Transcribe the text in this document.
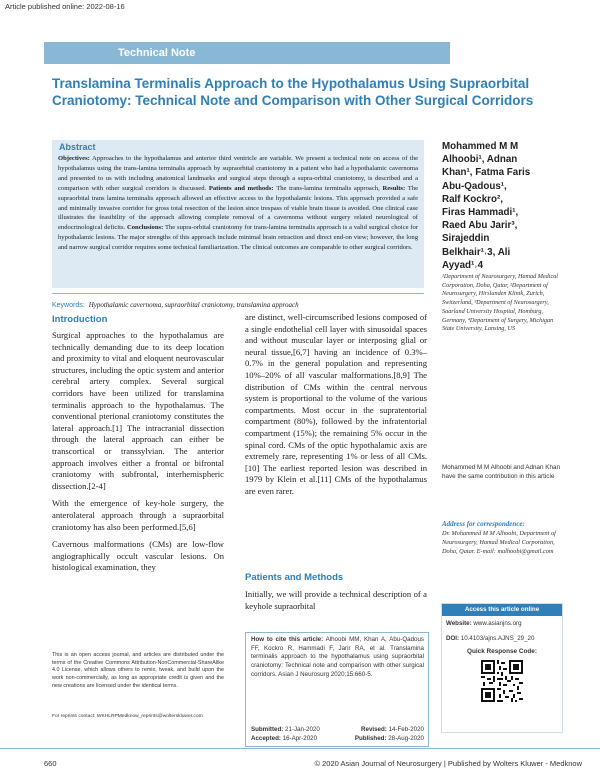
Article published online: 2022-08-16
Technical Note
Translamina Terminalis Approach to the Hypothalamus Using Supraorbital Craniotomy: Technical Note and Comparison with Other Surgical Corridors
Abstract
Objectives: Approaches to the hypothalamus and anterior third ventricle are variable. We present a technical note on access of the hypothalamus using the trans-lamina terminalis approach by supraorbital craniotomy in a patient who had a hypothalamic cavernoma and presented to us with including anatomical landmarks and surgical steps through a supra-orbital craniotomy, is described and a comparison with other surgical corridors is discussed. Patients and methods: The trans-lamina terminalis approach, Results: The supraorbital trans lamina terminalis approach allowed an effective access to the hypothalamic lesions. This approach provided a safe and minimally invasive corridor for gross total resection of the lesion since trespass of viable brain tissue is avoided. One clinical case illustrates the feasibility of the approach allowing complete removal of a cavernoma without surgery related neurological of endocrinological deficits. Conclusions: The supra-orbital craniotomy for trans-lamina terminalis approach is a valid surgical choice for hypothalamic lesions. The major strengths of this approach include minimal brain retraction and direct end-on view; however, the long and narrow surgical corridor requires some technical familiarization. The clinical outcomes are comparable to other surgical corridors.
Keywords: Hypothalamic cavernoma, supraorbital craniotomy, translamina approach
Mohammed M M
Alhoobi¹, Adnan
Khan¹, Fatma Faris
Abu-Qadous¹,
Ralf Kockro²,
Firas Hammadi¹,
Raed Abu Jarir³,
Sirajeddin
Belkhair¹˒3, Ali
Ayyad¹˒4
¹Department of Neurosurgery, Hamad Medical Corporation, Doha, Qatar, ²Department of Neurosurgery, Hirslanden Klinik, Zurich, Switzerland, ³Department of Neurosurgery, Saarland University Hospital, Homburg, Germany, ⁴Department of Surgery, Michigan State University, Lansing, US
Mohammed M M Alhoobi and Adnan Khan have the same contribution in this article
Address for correspondence:
Dr. Mohammed M M Alhoobi, Department of Neurosurgery, Hamad Medical Corporation, Doha, Qatar. E-mail: malhoobi@gmail.com
Introduction

Surgical approaches to the hypothalamus are technically demanding due to its deep location and proximity to vital and eloquent neurovascular structures, including the optic system and anterior cerebral artery complex. Several surgical corridors have been utilized for translamina terminalis approach to the hypothalamus. The conventional pterional craniotomy constitutes the lateral approach.[1] The intracranial dissection through the lateral approach can either be transcortical or transsylvian. The anterior approach involves either a frontal or bifrontal craniotomy with subfrontal, interhemispheric dissection.[2-4]

With the emergence of key-hole surgery, the anterolateral approach through a supraorbital craniotomy has also been performed.[5,6]

Cavernous malformations (CMs) are low-flow angiographically occult vascular lesions. On histological examination, they

are distinct, well-circumscribed lesions composed of a single endothelial cell layer with sinusoidal spaces and without muscular layer or interposing glial or neural tissue,[6,7] having an incidence of 0.3%–0.7% in the general population and representing 10%–20% of all vascular malformations.[8,9] The distribution of CMs within the central nervous system is proportional to the volume of the various compartments. Most occur in the supratentorial compartment (80%), followed by the infratentorial compartment (15%); the remaining 5% occur in the spinal cord. CMs of the optic hypothalamic axis are extremely rare, representing 1% or less of all CMs.[10] The earliest reported lesion was described in 1979 by Klein et al.[11] CMs of the hypothalamus are even rarer.

Patients and Methods

Initially, we will provide a technical description of a keyhole supraorbital

This is an open access journal, and articles are distributed under the terms of the Creative Commons Attribution-NonCommercial-ShareAlike 4.0 License, which allows others to remix, tweak, and build upon the work non-commercially, as long as appropriate credit is given and the new creations are licensed under the identical terms.
For reprints contact: WKHLRPMedknow_reprints@wolterskluwer.com
How to cite this article: Alhoobi MM, Khan A, Abu-Qadous FF, Kockro R, Hammadi F, Jarir RA, et al. Translamina terminalis approach to the hypothalamus using supraorbital craniotomy: Technical note and comparison with other surgical corridors. Asian J Neurosurg 2020;15:660-5.
Submitted: 21-Jan-2020	Revised: 14-Feb-2020
Accepted: 16-Apr-2020	Published: 28-Aug-2020
Access this article online
Website: www.asianjns.org
DOI: 10.4103/ajns.AJNS_29_20
Quick Response Code:
660	© 2020 Asian Journal of Neurosurgery | Published by Wolters Kluwer - Medknow
